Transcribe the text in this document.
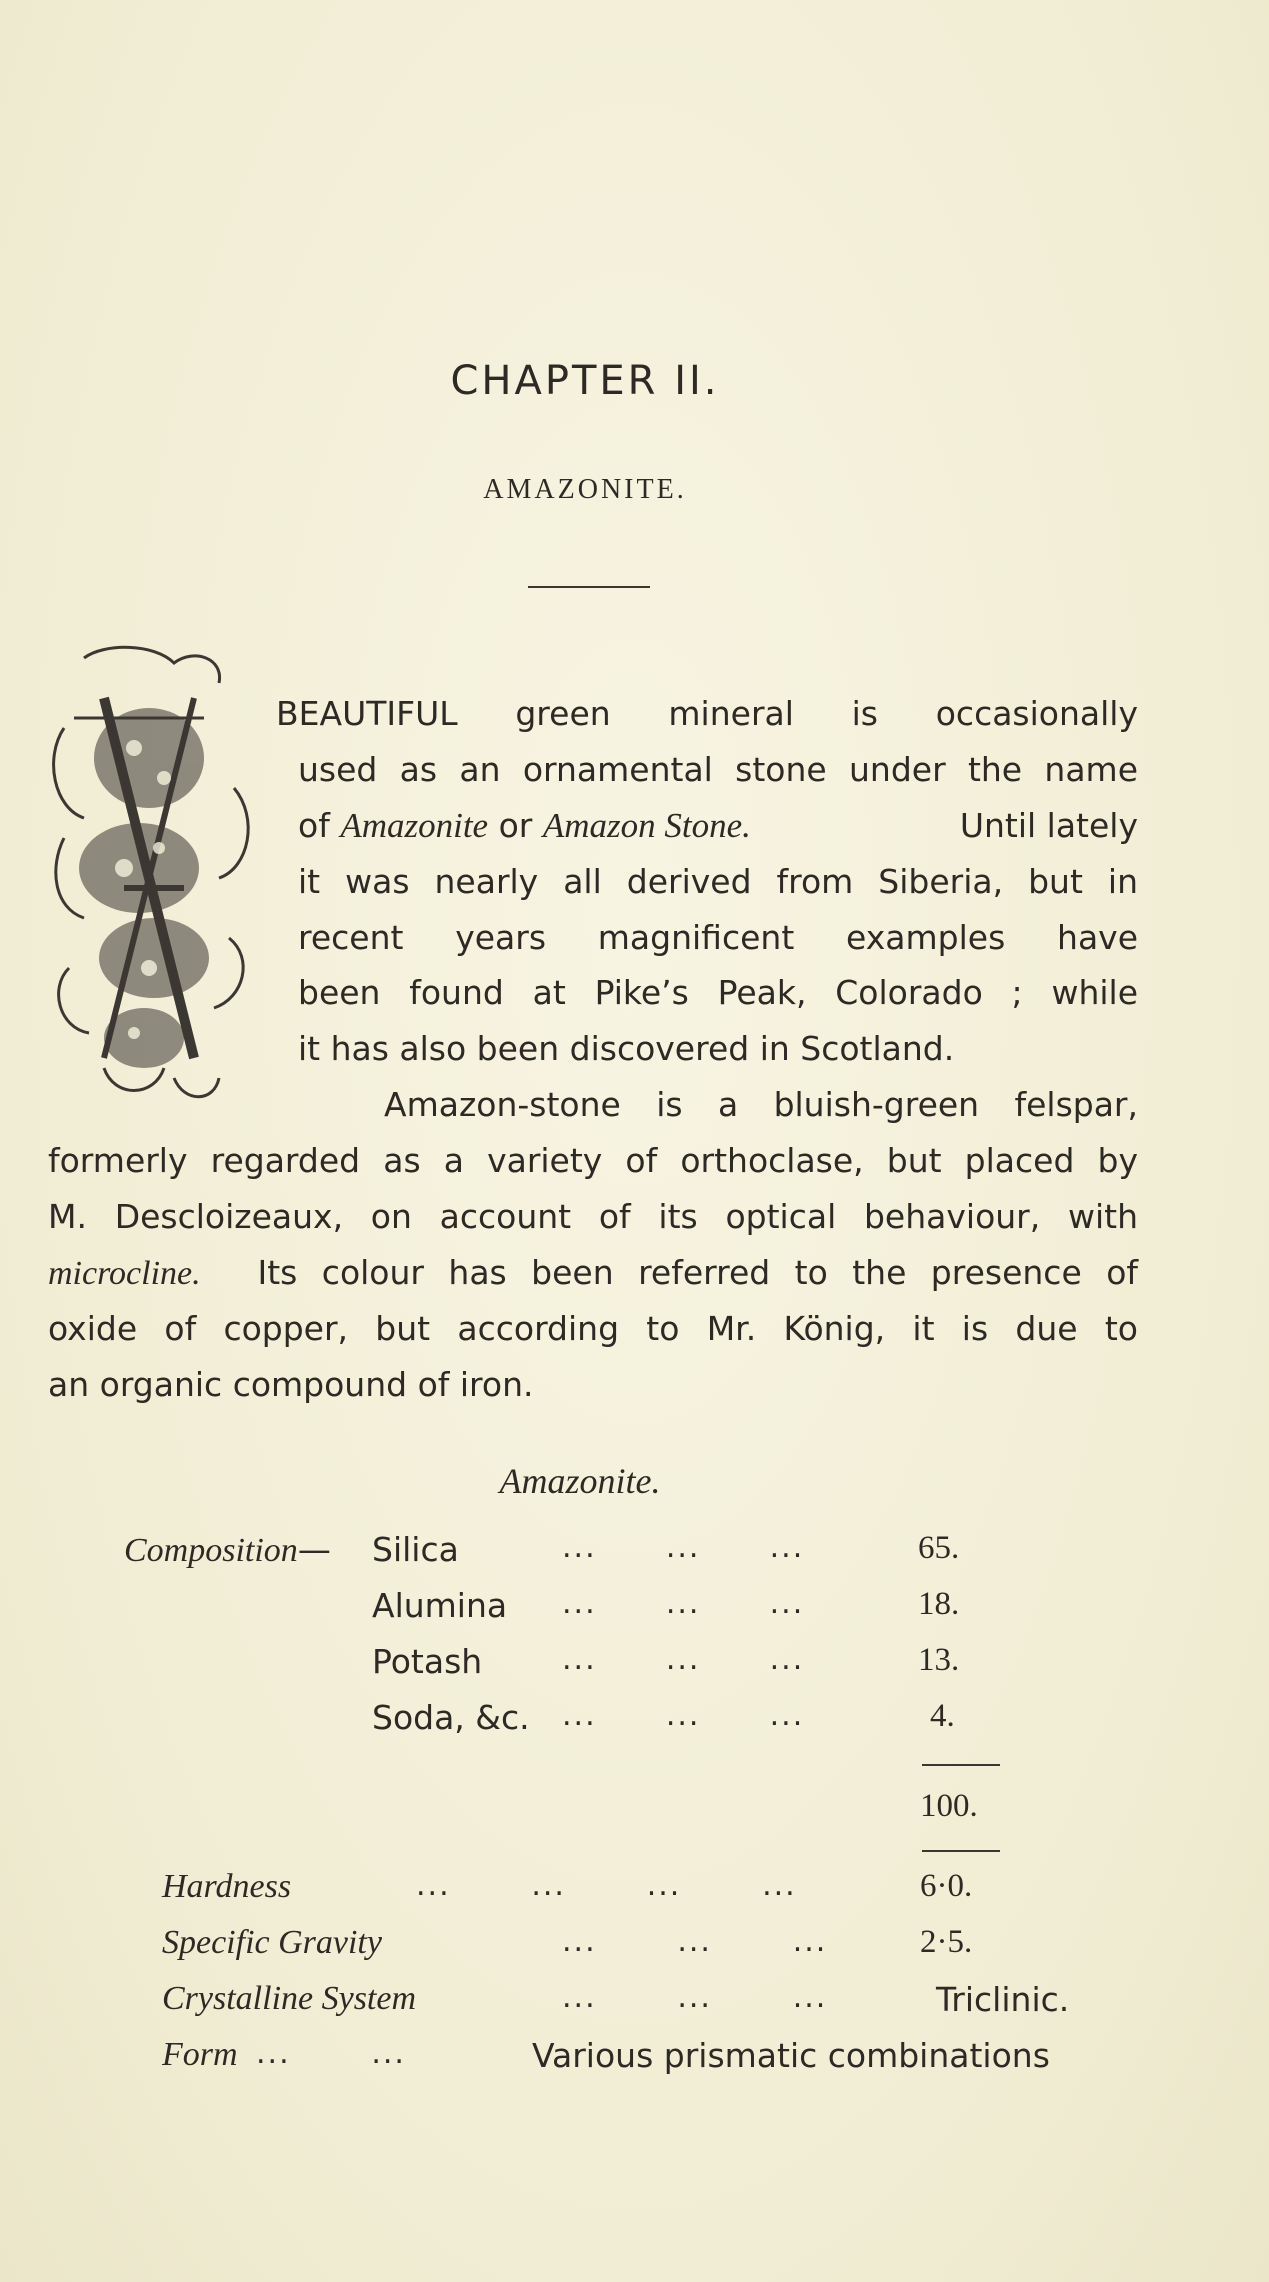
CHAPTER II.
AMAZONITE.
BEAUTIFUL green mineral is occasionally
used as an ornamental stone under the name
of Amazonite or Amazon Stone.	Until lately
it was nearly all derived from Siberia, but in
recent years magnificent examples have
been found at Pike’s Peak, Colorado ; while
it has also been discovered in Scotland.
Amazon-stone is a bluish-green felspar,
formerly regarded as a variety of orthoclase, but placed by
M. Descloizeaux, on account of its optical behaviour, with
microcline. Its colour has been referred to the presence of
oxide of copper, but according to Mr. König, it is due to
an organic compound of iron.
Amazonite.
Composition— Silica	...      ...      ...	65.
Alumina ...      ...      ...	18.
Potash	...      ...      ...	13.
Soda, &c. ...      ...      ...	4.
100.
Hardness	...       ...       ...       ...	6·0.
Specific Gravity	...       ...       ...	2·5.
Crystalline System	...       ...       ...	Triclinic.
Form ...       ...	Various prismatic combinations
